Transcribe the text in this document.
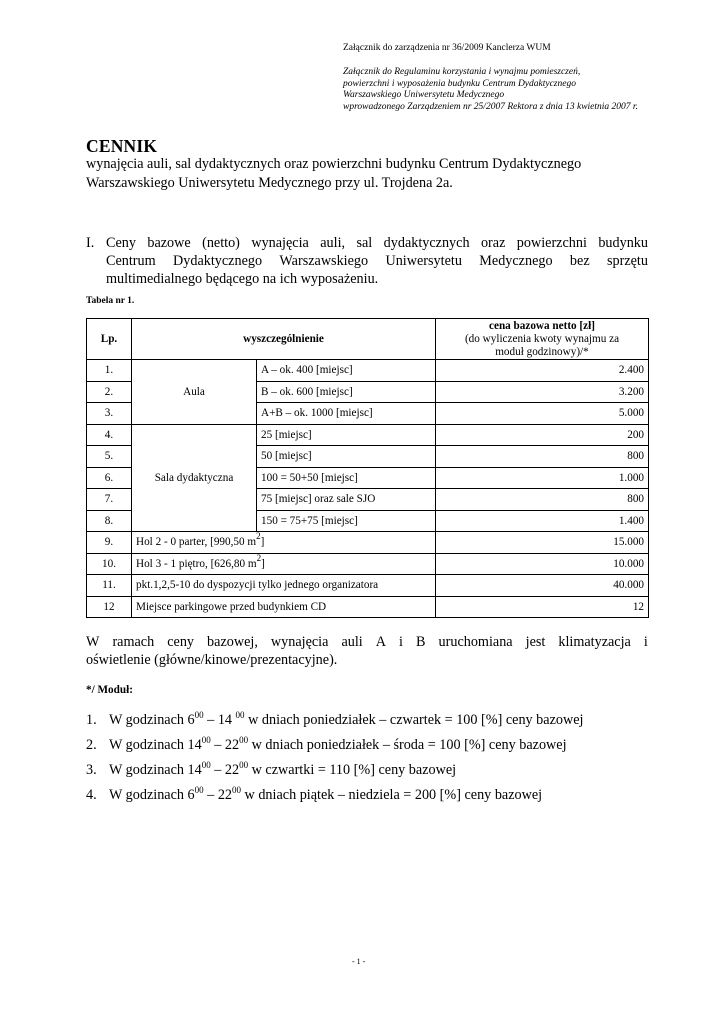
Załącznik do zarządzenia nr 36/2009 Kanclerza WUM
Załącznik do Regulaminu korzystania i wynajmu pomieszczeń,
powierzchni i wyposażenia budynku Centrum Dydaktycznego
Warszawskiego Uniwersytetu Medycznego
wprowadzonego Zarządzeniem nr 25/2007 Rektora z dnia 13 kwietnia 2007 r.
CENNIK
wynajęcia auli, sal dydaktycznych oraz powierzchni budynku Centrum Dydaktycznego
Warszawskiego Uniwersytetu Medycznego przy ul. Trojdena 2a.
I. Ceny bazowe (netto) wynajęcia auli, sal dydaktycznych oraz powierzchni budynku
Centrum Dydaktycznego Warszawskiego Uniwersytetu Medycznego bez sprzętu
multimedialnego będącego na ich wyposażeniu.
Tabela nr 1.
Lp.	wyszczególnienie		cena bazowa netto [zł]
(do wyliczenia kwoty wynajmu za
moduł godzinowy)/*

1.	Aula	A – ok. 400 [miejsc]	2.400
2.		B – ok. 600 [miejsc]	3.200
3.		A+B – ok. 1000 [miejsc]	5.000
4.	Sala dydaktyczna	25 [miejsc]	200
5.		50 [miejsc]	800
6.		100 = 50+50 [miejsc]	1.000
7.		75 [miejsc] oraz sale SJO	800
8.		150 = 75+75 [miejsc]	1.400
9.	Hol 2 - 0 parter, [990,50 $m^2$]		15.000
10.	Hol 3 - 1 piętro, [626,80 $m^2$]		10.000
11.	pkt.1,2,5-10 do dyspozycji tylko jednego organizatora		40.000
12	Miejsce parkingowe przed budynkiem CD		12
W ramach ceny bazowej, wynajęcia auli A i B uruchomiana jest klimatyzacja i
oświetlenie (główne/kinowe/prezentacyjne).
*/ Moduł:
1. W godzinach $6^{00} - 14$ $^{00}$ w dniach poniedziałek – czwartek = 100 [%] ceny bazowej
2. W godzinach $14^{00} - 22^{00}$ w dniach poniedziałek – środa = 100 [%] ceny bazowej
3. W godzinach $14^{00} - 22^{00}$ w czwartki = 110 [%] ceny bazowej
4. W godzinach $6^{00} - 22^{00}$ w dniach piątek – niedziela = 200 [%] ceny bazowej
- 1 -
